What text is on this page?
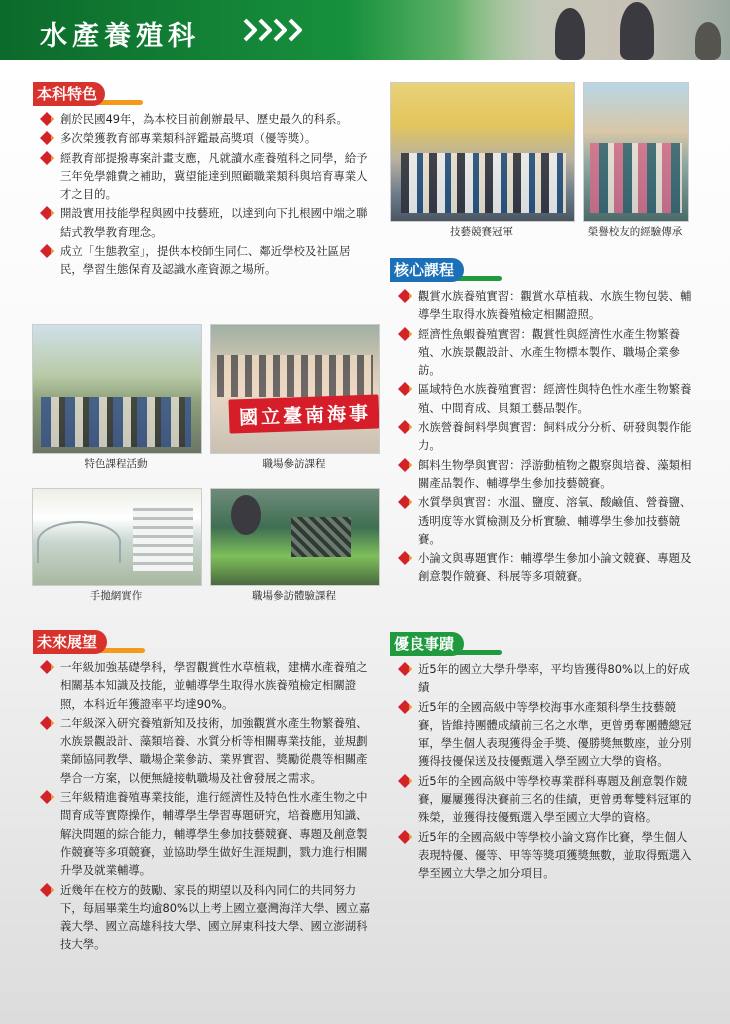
水產養殖科
本科特色
創於民國49年，為本校目前創辦最早、歷史最久的科系。
多次榮獲教育部專業類科評鑑最高獎項（優等獎）。
經教育部提撥專案計畫支應，凡就讀水產養殖科之同學，給予三年免學雜費之補助，冀望能達到照顧職業類科與培育專業人才之目的。
開設實用技能學程與國中技藝班，以達到向下扎根國中端之聯結式教學教育理念。
成立「生態教室」，提供本校師生同仁、鄰近學校及社區居民，學習生態保育及認識水產資源之場所。
技藝競賽冠軍	榮譽校友的經驗傳承
核心課程
觀賞水族養殖實習：觀賞水草植栽、水族生物包裝、輔導學生取得水族養殖檢定相關證照。
經濟性魚蝦養殖實習：觀賞性與經濟性水產生物繁養殖、水族景觀設計、水產生物標本製作、職場企業參訪。
區域特色水族養殖實習：經濟性與特色性水產生物繁養殖、中間育成、貝類工藝品製作。
水族營養飼料學與實習：飼料成分分析、研發與製作能力。
餌料生物學與實習：浮游動植物之觀察與培養、藻類相關產品製作、輔導學生參加技藝競賽。
水質學與實習：水溫、鹽度、溶氧、酸鹼值、營養鹽、透明度等水質檢測及分析實驗、輔導學生參加技藝競賽。
小論文與專題實作：輔導學生參加小論文競賽、專題及創意製作競賽、科展等多項競賽。
特色課程活動
國立臺南海事
職場參訪課程
手拋網實作	職場參訪體驗課程
未來展望
一年級加強基礎學科，學習觀賞性水草植栽，建構水產養殖之相關基本知識及技能，並輔導學生取得水族養殖檢定相關證照，本科近年獲證率平均達90%。
二年級深入研究養殖新知及技術，加強觀賞水產生物繁養殖、水族景觀設計、藻類培養、水質分析等相關專業技能，並規劃業師協同教學、職場企業參訪、業界實習、獎勵從農等相關產學合一方案，以便無縫接軌職場及社會發展之需求。
三年級精進養殖專業技能，進行經濟性及特色性水產生物之中間育成等實際操作，輔導學生學習專題研究，培養應用知識、解決問題的綜合能力，輔導學生參加技藝競賽、專題及創意製作競賽等多項競賽，並協助學生做好生涯規劃，戮力進行相關升學及就業輔導。
近幾年在校方的鼓勵、家長的期望以及科內同仁的共同努力下，每屆畢業生均逾80%以上考上國立臺灣海洋大學、國立嘉義大學、國立高雄科技大學、國立屏東科技大學、國立澎湖科技大學。
優良事蹟
近5年的國立大學升學率，平均皆獲得80%以上的好成績
近5年的全國高級中等學校海事水產類科學生技藝競賽，皆維持團體成績前三名之水準，更曾勇奪團體總冠軍，學生個人表現獲得金手獎、優勝獎無數座，並分別獲得技優保送及技優甄選入學至國立大學的資格。
近5年的全國高級中等學校專業群科專題及創意製作競賽，屢屢獲得決賽前三名的佳績，更曾勇奪雙料冠軍的殊榮，並獲得技優甄選入學至國立大學的資格。
近5年的全國高級中等學校小論文寫作比賽，學生個人表現特優、優等、甲等等獎項獲獎無數，並取得甄選入學至國立大學之加分項目。
